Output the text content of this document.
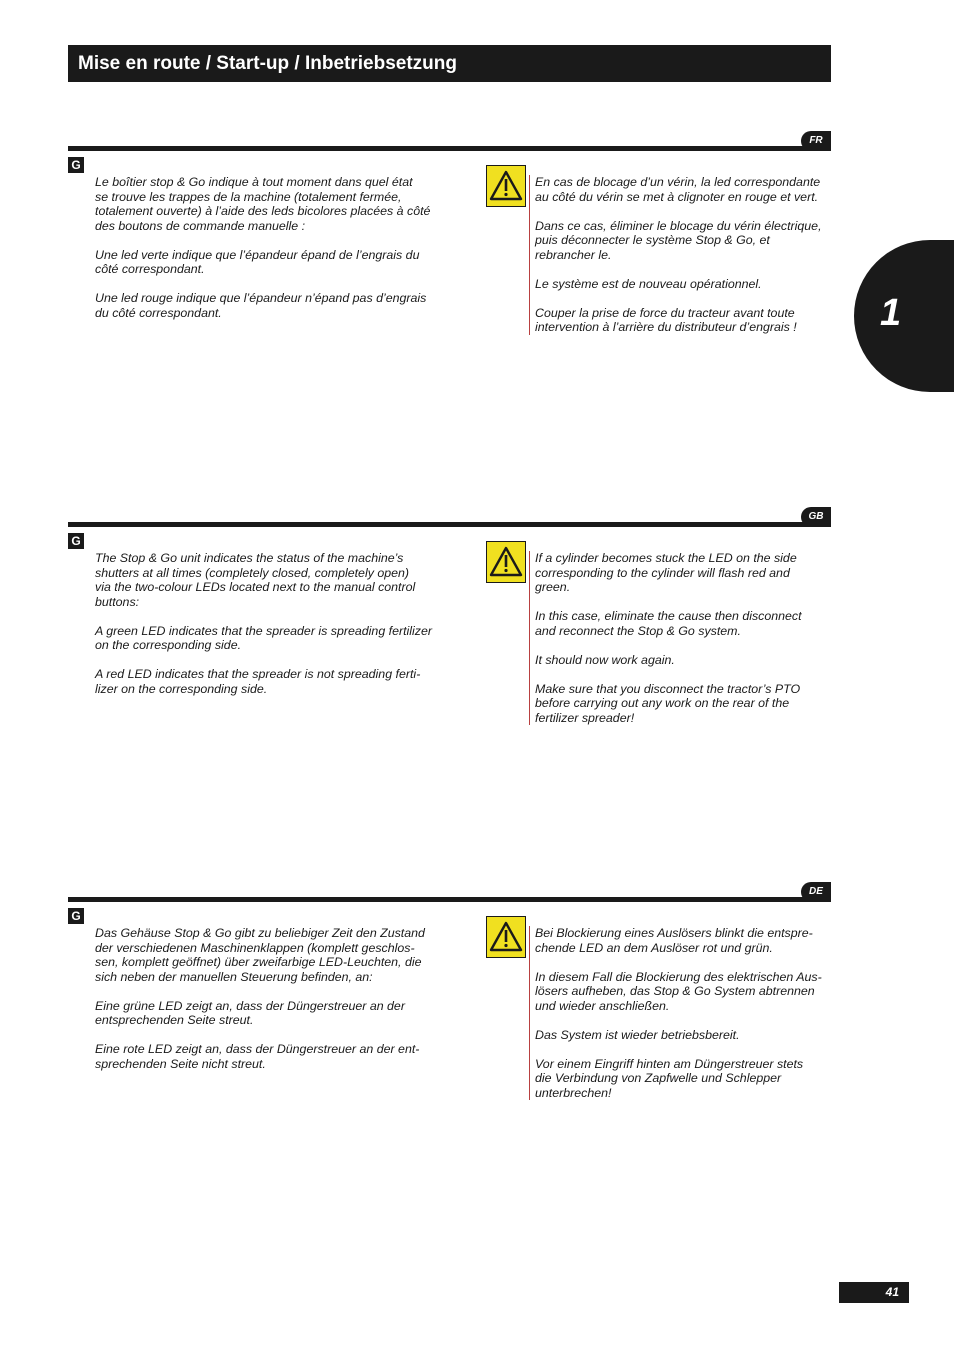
Mise en route / Start-up / Inbetriebsetzung
1
FR
G

Le boîtier stop & Go indique à tout moment dans quel état
se trouve les trappes de la machine (totalement fermée,
totalement ouverte) à l’aide des leds bicolores placées à côté
des boutons de commande manuelle :

Une led verte indique que l’épandeur épand de l’engrais du
côté correspondant.

Une led rouge indique que l’épandeur n’épand pas d’engrais
du côté correspondant.

En cas de blocage d’un vérin, la led correspondante
au côté du vérin se met à clignoter en rouge et vert.

Dans ce cas, éliminer le blocage du vérin électrique,
puis déconnecter le système Stop & Go, et
rebrancher le.

Le système est de nouveau opérationnel.

Couper la prise de force du tracteur avant toute
intervention à l’arrière du distributeur d’engrais !

GB
G

The Stop & Go unit indicates the status of the machine’s
shutters at all times (completely closed, completely open)
via the two-colour LEDs located next to the manual control
buttons:

A green LED indicates that the spreader is spreading fertilizer
on the corresponding side.

A red LED indicates that the spreader is not spreading ferti-
lizer on the corresponding side.

If a cylinder becomes stuck the LED on the side
corresponding to the cylinder will flash red and
green.

In this case, eliminate the cause then disconnect
and reconnect the Stop & Go system.

It should now work again.

Make sure that you disconnect the tractor’s PTO
before carrying out any work on the rear of the
fertilizer spreader!

DE
G

Das Gehäuse Stop & Go gibt zu beliebiger Zeit den Zustand
der verschiedenen Maschinenklappen (komplett geschlos-
sen, komplett geöffnet) über zweifarbige LED-Leuchten, die
sich neben der manuellen Steuerung befinden, an:

Eine grüne LED zeigt an, dass der Düngerstreuer an der
entsprechenden Seite streut.

Eine rote LED zeigt an, dass der Düngerstreuer an der ent-
sprechenden Seite nicht streut.

Bei Blockierung eines Auslösers blinkt die entspre-
chende LED an dem Auslöser rot und grün.

In diesem Fall die Blockierung des elektrischen Aus-
lösers aufheben, das Stop & Go System abtrennen
und wieder anschließen.

Das System ist wieder betriebsbereit.

Vor einem Eingriff hinten am Düngerstreuer stets
die Verbindung von Zapfwelle und Schlepper
unterbrechen!

41
